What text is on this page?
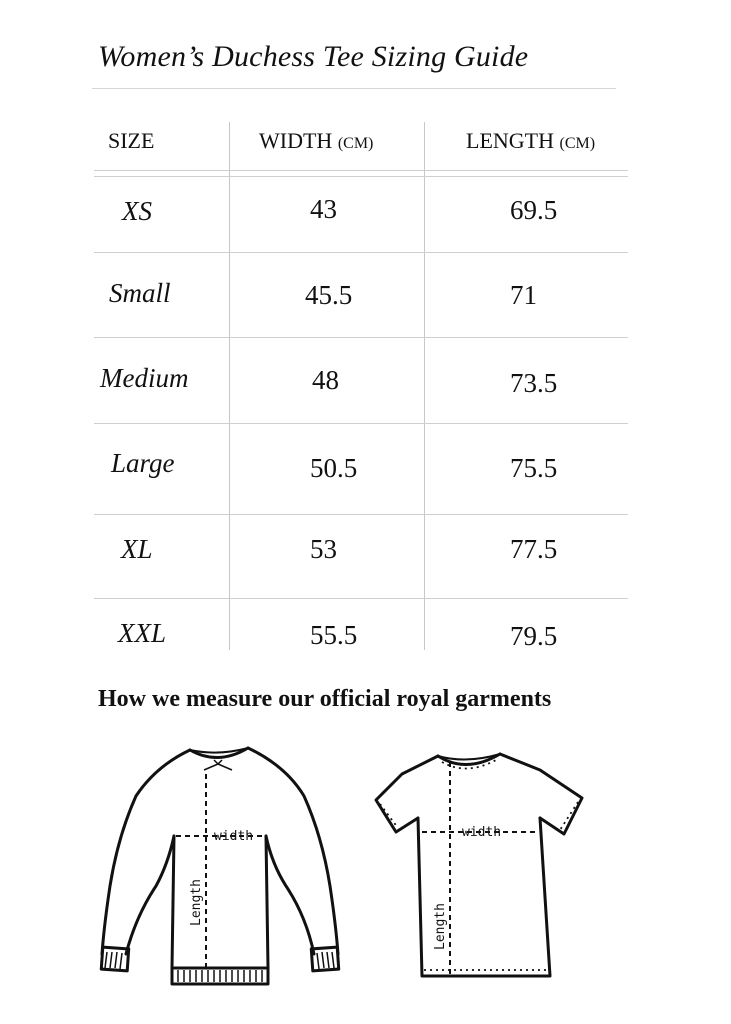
Women’s Duchess Tee Sizing Guide
SIZE	WIDTH (CM)	LENGTH (CM)
XS	43	69.5
Small	45.5	71
Medium	48	73.5
Large	50.5	75.5
XL	53	77.5
XXL	55.5	79.5
How we measure our official royal garments
width
Length
width
Length
